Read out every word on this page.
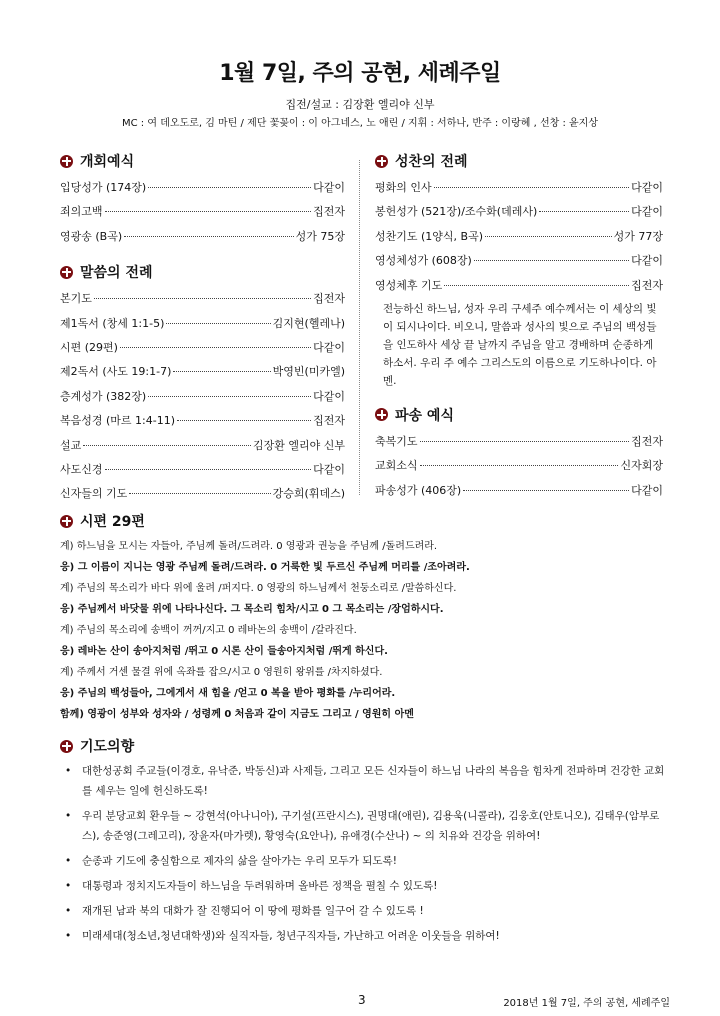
1월 7일, 주의 공현, 세례주일
집전/설교 : 김장환 엘리야 신부
MC : 여 데오도로, 김 마틴 / 제단 꽃꽂이 : 이 아그네스, 노 애린 / 지휘 : 서하나, 반주 : 이랑혜 , 선창 : 윤지상
개회예식
입당성가 (174장)	다같이
죄의고백	집전자
영광송 (B곡)	성가 75장
말씀의 전례
본기도	집전자
제1독서 (창세 1:1-5)	김지현(헬레나)
시편 (29편)	다같이
제2독서 (사도 19:1-7)	박영빈(미카엘)
층계성가 (382장)	다같이
복음성경 (마르 1:4-11)	집전자
설교	김장환 엘리야 신부
사도신경	다같이
신자들의 기도	강승희(휘데스)
성찬의 전례
평화의 인사	다같이
봉헌성가 (521장)/조수화(데레사)	다같이
성찬기도 (1양식, B곡)	성가 77장
영성체성가 (608장)	다같이
영성체후 기도	집전자

전능하신 하느님, 성자 우리 구세주 예수께서는 이 세상의 빛이 되시나이다. 비오니, 말씀과 성사의 빛으로 주님의 백성들을 인도하사 세상 끝 날까지 주님을 알고 경배하며 순종하게 하소서. 우리 주 예수 그리스도의 이름으로 기도하나이다. 아멘.

파송 예식
축복기도	집전자
교회소식	신자회장
파송성가 (406장)	다같이
시편 29편
계) 하느님을 모시는 자들아, 주님께 돌려/드려라. 0 영광과 권능을 주님께 /돌려드려라.
응) 그 이름이 지니는 영광 주님께 돌려/드려라. 0 거룩한 빛 두르신 주님께 머리를 /조아려라.
계) 주님의 목소리가 바다 위에 울려 /퍼지다. 0 영광의 하느님께서 천둥소리로 /말씀하신다.
응) 주님께서 바닷물 위에 나타나신다. 그 목소리 힘차/시고 0 그 목소리는 /장엄하시다.
계) 주님의 목소리에 송백이 꺼꺼/지고 0 레바논의 송백이 /갈라진다.
응) 레바논 산이 송아지처럼 /뛰고 0 시론 산이 들송아지처럼 /뛰게 하신다.
계) 주께서 거센 물결 위에 옥좌를 잡으/시고 0 영원히 왕위를 /차지하셨다.
응) 주님의 백성들아, 그에게서 새 힘을 /얻고 0 복을 받아 평화를 /누리어라.
함께) 영광이 성부와 성자와 / 성령께 0 처음과 같이 지금도 그리고 / 영원히 아멘
기도의향
• 대한성공회 주교들(이경호, 유낙준, 박동신)과 사제들, 그리고 모든 신자들이 하느님 나라의 복음을 힘차게 전파하며 건강한 교회를 세우는 일에 헌신하도록!
• 우리 분당교회 환우들 ~ 강현석(아나니아), 구기설(프란시스), 권명대(애린), 김용욱(니콜라), 김웅호(안토니오), 김태우(암부로스), 송준영(그레고리), 장윤자(마가렛), 황영숙(요안나), 유애경(수산나) ~ 의 치유와 건강을 위하여!
• 순종과 기도에 충실함으로 제자의 삶을 살아가는 우리 모두가 되도록!
• 대통령과 정치지도자들이 하느님을 두려워하며 올바른 정책을 펼칠 수 있도록!
• 재개된 남과 북의 대화가 잘 진행되어 이 땅에 평화를 일구어 갈 수 있도록 !
• 미래세대(청소년,청년대학생)와 실직자들, 청년구직자들, 가난하고 어려운 이웃들을 위하여!
3	2018년 1월 7일, 주의 공현, 세례주일
